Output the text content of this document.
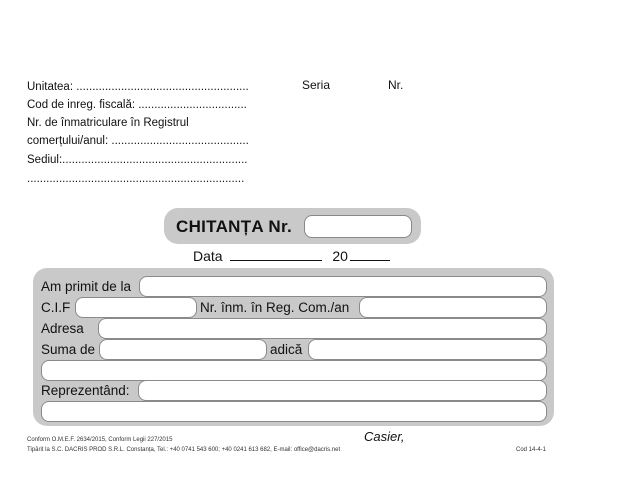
Unitatea: ......................................................
Cod de inreg. fiscală: ..................................
Nr. de înmatriculare în Registrul
comerțului/anul: ...........................................
Sediul:..........................................................
....................................................................
Seria	Nr.
CHITANȚA Nr.
Data	20
Am primit de la
C.I.F	Nr. înm. în Reg. Com./an
Adresa
Suma de	adică
Reprezentând:
Conform O.M.E.F. 2634/2015, Conform Legii 227/2015
Tipărit la S.C. DACRIS PROD S.R.L. Constanța, Tel.: +40 0741 543 600; +40 0241 613 682, E-mail: office@dacris.net
Casier,
Cod 14-4-1
